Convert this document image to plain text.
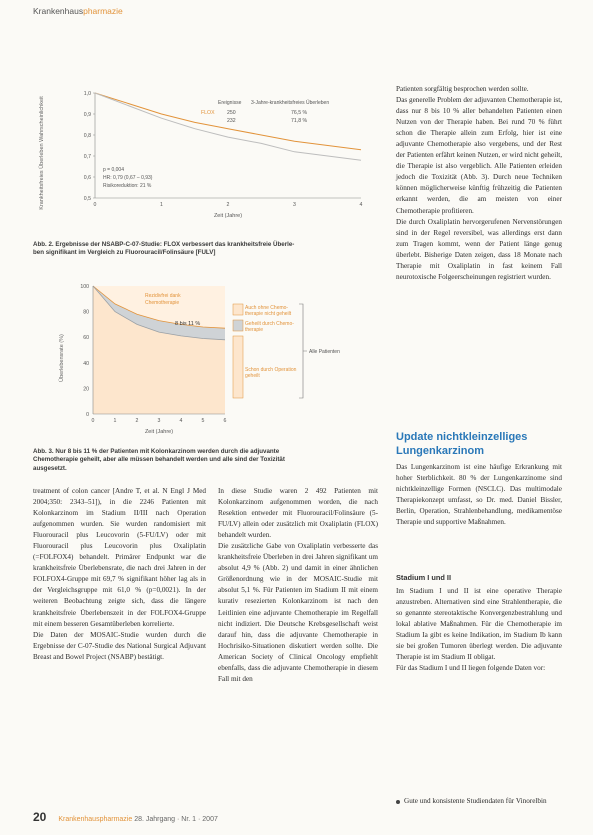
Krankenhauspharmazie
Krankheitsfreies Überleben Wahrscheinlichkeit	0,5
0,6
0,7
0,8
0,9
1,0
0	1	2	3	4
Ereignisse 3-Jahre-krankheitsfreies Überleben
FLOX 250	76,5 %
232	71,8 %
p = 0,004
HR: 0,79 (0,67 – 0,93)
Risikoreduktion: 21 %
Zeit (Jahre)
Abb. 2. Ergebnisse der NSABP-C-07-Studie: FLOX verbessert das krankheitsfreie Überle-
ben signifikant im Vergleich zu Fluorouracil/Folinsäure [FULV]
Überlebensrate (%)
0
20
40
60
80
100
0	1	2	3	4	5	6
Rezidivfrei dank Chemotherapie
8 bis 11 %
Auch ohne Chemo-therapie nicht geheilt
Geheilt durch Chemo-therapie
Schon durch Operation geheilt
Alle Patienten
Zeit (Jahre)
Abb. 3. Nur 8 bis 11 % der Patienten mit Kolonkarzinom werden durch die adjuvante
Chemotherapie geheilt, aber alle müssen behandelt werden und alle sind der Toxizität
ausgesetzt.
treatment of colon cancer [Andre T, et al. N Engl J Med 2004;350: 2343–51]), in die 2246 Patienten mit Kolonkarzinom im Stadium II/III nach Operation aufgenommen wurden. Sie wurden randomisiert mit Fluorouracil plus Leucovorin (5-FU/LV) oder mit Fluorouracil plus Leucovorin plus Oxaliplatin (=FOLFOX4) behandelt. Primärer Endpunkt war die krankheitsfreie Überlebensrate, die nach drei Jahren in der FOLFOX4-Gruppe mit 69,7 % signifikant höher lag als in der Vergleichsgruppe mit 61,0 % (p=0,0021). In der weiteren Beobachtung zeigte sich, dass die längere krankheitsfreie Überlebenszeit in der FOLFOX4-Gruppe mit einem besseren Gesamtüberleben korrelierte.
Die Daten der MOSAIC-Studie wurden durch die Ergebnisse der C-07-Studie des National Surgical Adjuvant Breast and Bowel Project (NSABP) bestätigt.
In diese Studie waren 2 492 Patienten mit Kolonkarzinom aufgenommen worden, die nach Resektion entweder mit Fluorouracil/Folinsäure (5-FU/LV) allein oder zusätzlich mit Oxaliplatin (FLOX) behandelt wurden.
Die zusätzliche Gabe von Oxaliplatin verbesserte das krankheitsfreie Überleben in drei Jahren signifikant um absolut 4,9 % (Abb. 2) und damit in einer ähnlichen Größenordnung wie in der MOSAIC-Studie mit absolut 5,1 %. Für Patienten im Stadium II mit einem kurativ resezierten Kolonkarzinom ist nach den Leitlinien eine adjuvante Chemotherapie im Regelfall nicht indiziert. Die Deutsche Krebsgesellschaft weist darauf hin, dass die adjuvante Chemotherapie in Hochrisiko-Situationen diskutiert werden sollte. Die American Society of Clinical Oncology empfiehlt ebenfalls, dass die adjuvante Chemotherapie in diesem Fall mit den
Patienten sorgfältig besprochen werden sollte.
Das generelle Problem der adjuvanten Chemotherapie ist, dass nur 8 bis 10 % aller behandelten Patienten einen Nutzen von der Therapie haben. Bei rund 70 % führt schon die Therapie allein zum Erfolg, hier ist eine adjuvante Chemotherapie also vergebens, und der Rest der Patienten erfährt keinen Nutzen, er wird nicht geheilt, die Therapie ist also vergeblich. Alle Patienten erleiden jedoch die Toxizität (Abb. 3). Durch neue Techniken können möglicherweise künftig frühzeitig die Patienten erkannt werden, die am meisten von einer Chemotherapie profitieren.
Die durch Oxaliplatin hervorgerufenen Nervenstörungen sind in der Regel reversibel, was allerdings erst dann zum Tragen kommt, wenn der Patient länge genug überlebt. Bisherige Daten zeigen, dass 18 Monate nach Therapie mit Oxaliplatin in fast keinem Fall neurotoxische Folgeerscheinungen registriert wurden.
Update nichtkleinzelliges Lungenkarzinom
Das Lungenkarzinom ist eine häufige Erkrankung mit hoher Sterblichkeit. 80 % der Lungenkarzinome sind nichtkleinzellige Formen (NSCLC). Das multimodale Therapiekonzept umfasst, so Dr. med. Daniel Bissler, Berlin, Operation, Strahlenbehandlung, medikamentöse Therapie und supportive Maßnahmen.
Stadium I und II
Im Stadium I und II ist eine operative Therapie anzustreben. Alternativen sind eine Strahlentherapie, die so genannte stereotaktische Konvergenzbestrahlung und lokal ablative Maßnahmen. Für die Chemotherapie im Stadium Ia gibt es keine Indikation, im Stadium Ib kann sie bei großen Tumoren überlegt werden. Die adjuvante Therapie ist im Stadium II obligat.
Für das Stadium I und II liegen folgende Daten vor:
Gute und konsistente Studiendaten für Vinorelbin
20 Krankenhauspharmazie 28. Jahrgang · Nr. 1 · 2007
